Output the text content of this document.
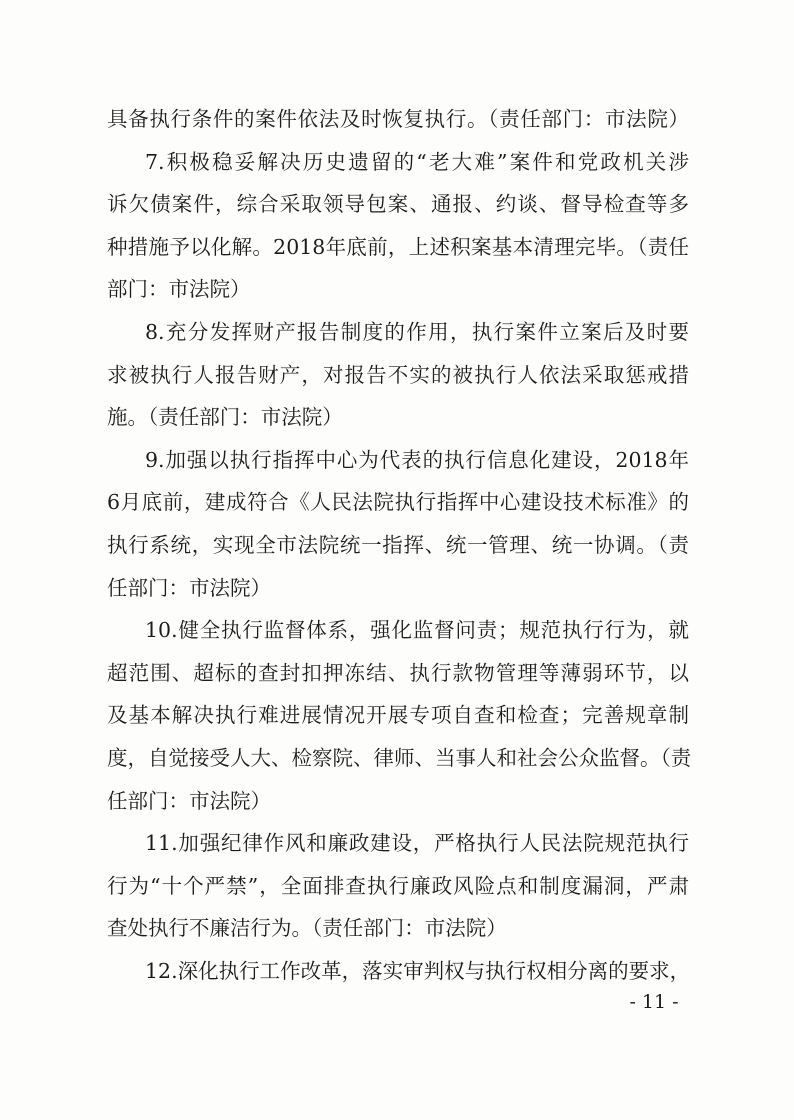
具备执行条件的案件依法及时恢复执行。（责任部门：市法院）
7.积极稳妥解决历史遗留的“老大难”案件和党政机关涉
诉欠债案件，综合采取领导包案、通报、约谈、督导检查等多
种措施予以化解。2018年底前，上述积案基本清理完毕。（责任
部门：市法院）
8.充分发挥财产报告制度的作用，执行案件立案后及时要
求被执行人报告财产，对报告不实的被执行人依法采取惩戒措
施。（责任部门：市法院）
9.加强以执行指挥中心为代表的执行信息化建设，2018年
6月底前，建成符合《人民法院执行指挥中心建设技术标准》的
执行系统，实现全市法院统一指挥、统一管理、统一协调。（责
任部门：市法院）
10.健全执行监督体系，强化监督问责；规范执行行为，就
超范围、超标的查封扣押冻结、执行款物管理等薄弱环节，以
及基本解决执行难进展情况开展专项自查和检查；完善规章制
度，自觉接受人大、检察院、律师、当事人和社会公众监督。（责
任部门：市法院）
11.加强纪律作风和廉政建设，严格执行人民法院规范执行
行为“十个严禁”，全面排查执行廉政风险点和制度漏洞，严肃
查处执行不廉洁行为。（责任部门：市法院）
12.深化执行工作改革，落实审判权与执行权相分离的要求，
- 11 -
